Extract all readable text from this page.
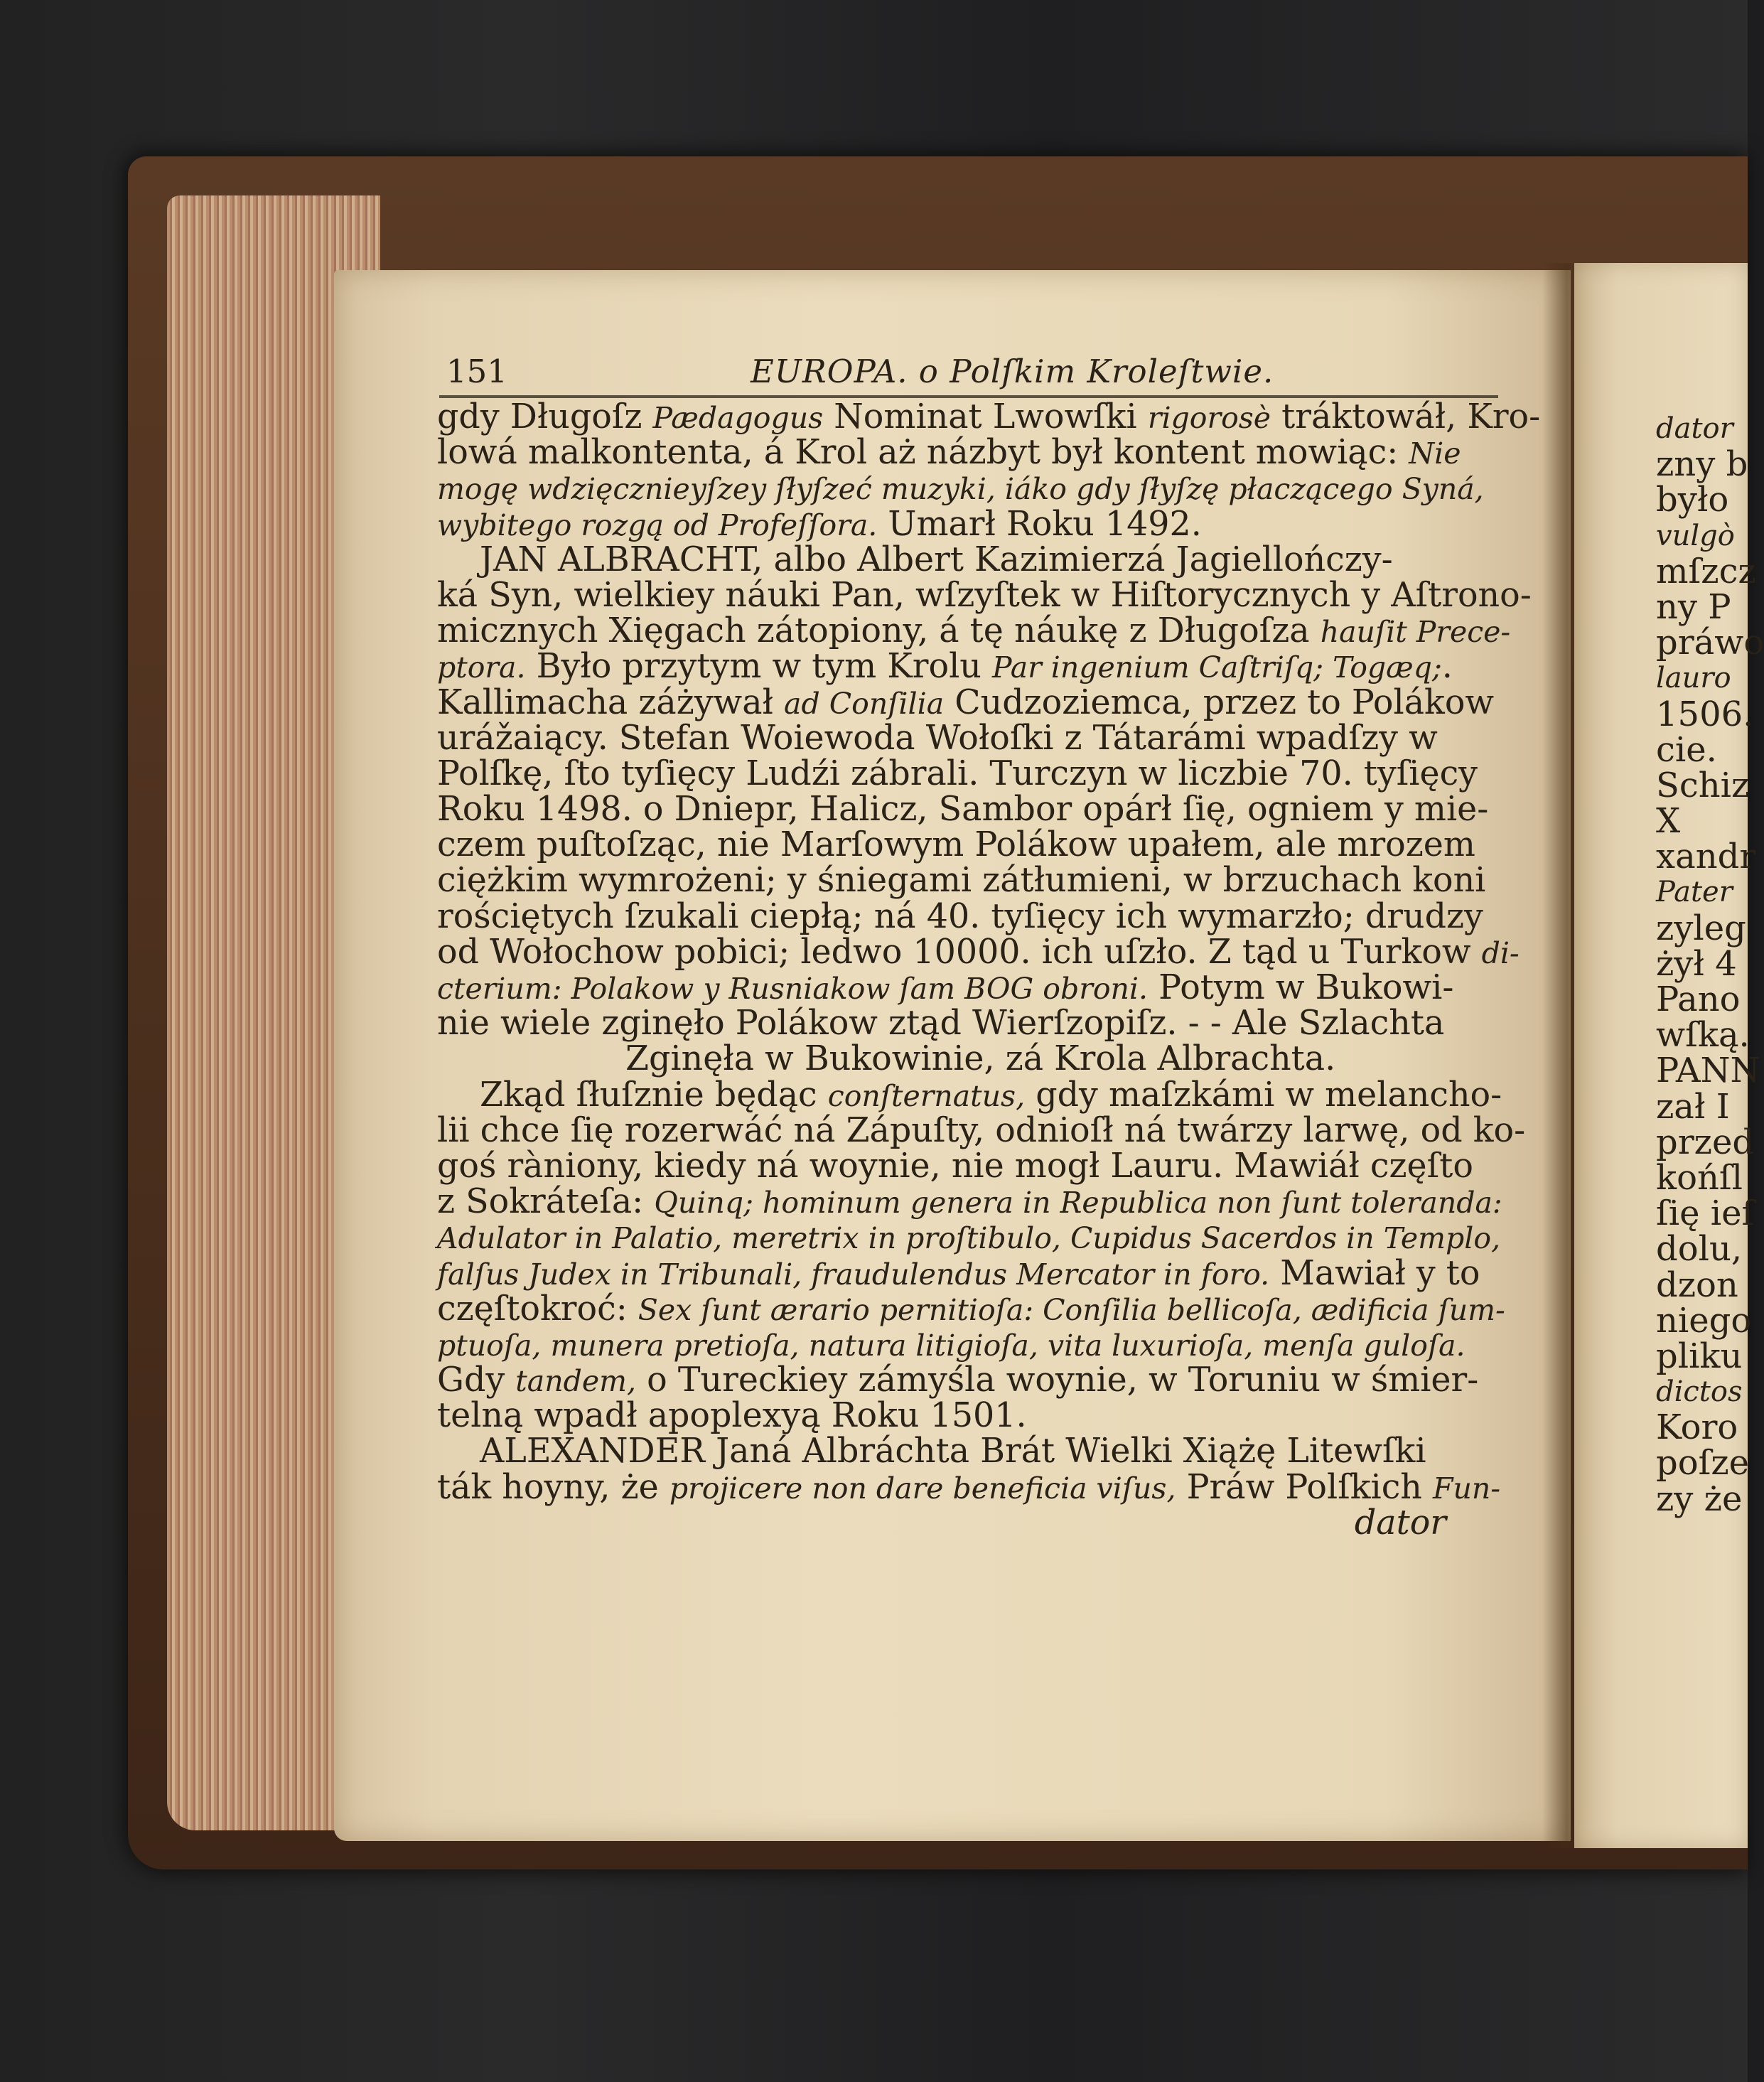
151	EUROPA. o Polſkim Kroleſtwie.
gdy Długoſz Pædagogus Nominat Lwowſki rigorosè tráktowáł, Kro-
lowá malkontenta, á Krol aż názbyt był kontent mowiąc: Nie
mogę wdzięcznieyſzey ſłyſzeć muzyki, iáko gdy ſłyſzę płaczącego Syná,
wybitego rozgą od Profeſſora. Umarł Roku 1492.
JAN ALBRACHT, albo Albert Kazimierzá Jagiellończy-
ká Syn, wielkiey náuki Pan, wſzyſtek w Hiſtorycznych y Aſtrono-
micznych Xięgach zátopiony, á tę náukę z Długoſza hauſit Prece-
ptora. Było przytym w tym Krolu Par ingenium Caſtriſq; Togæq;.
Kallimacha záżywał ad Conſilia Cudzoziemca, przez to Polákow
urážaiący. Stefan Woiewoda Wołoſki z Tátarámi wpadſzy w
Polſkę, ſto tyſięcy Ludźi zábrali. Turczyn w liczbie 70. tyſięcy
Roku 1498. o Dniepr, Halicz, Sambor opárł ſię, ogniem y mie-
czem puſtoſząc, nie Marſowym Polákow upałem, ale mrozem
ciężkim wymrożeni; y śniegami zátłumieni, w brzuchach koni
rościętych ſzukali ciepłą; ná 40. tyſięcy ich wymarzło; drudzy
od Wołochow pobici; ledwo 10000. ich uſzło. Z tąd u Turkow di-
cterium: Polakow y Rusniakow ſam BOG obroni. Potym w Bukowi-
nie wiele zginęło Polákow ztąd Wierſzopiſz. - - Ale Szlachta
Zginęła w Bukowinie, zá Krola Albrachta.
Zkąd ſłuſznie będąc conſternatus, gdy maſzkámi w melancho-
lii chce ſię rozerwáć ná Zápuſty, odnioſł ná twárzy larwę, od ko-
goś ràniony, kiedy ná woynie, nie mogł Lauru. Mawiáł częſto
z Sokráteſa: Quinq; hominum genera in Republica non ſunt toleranda:
Adulator in Palatio, meretrix in proſtibulo, Cupidus Sacerdos in Templo,
falſus Judex in Tribunali, fraudulendus Mercator in foro. Mawiał y to
częſtokroć: Sex ſunt ærario pernitioſa: Conſilia bellicoſa, ædificia ſum-
ptuoſa, munera pretioſa, natura litigioſa, vita luxurioſa, menſa guloſa.
Gdy tandem, o Tureckiey zámyśla woynie, w Toruniu w śmier-
telną wpadł apoplexyą Roku 1501.
ALEXANDER Janá Albráchta Brát Wielki Xiążę Litewſki
ták hoyny, że projicere non dare beneficia viſus, Práw Polſkich Fun-
dator
dator
zny b
było
vulgò
mſzcz
ny P
práwo
lauro
1506.
cie.
Schiz
X
xandr
Pater
zyleg
żył 4
Pano
wſką.
PANN
zał I
przed
końſl
ſię ieſ
dolu,
dzon
niego
pliku
dictos
Koro
poſze
zy że
